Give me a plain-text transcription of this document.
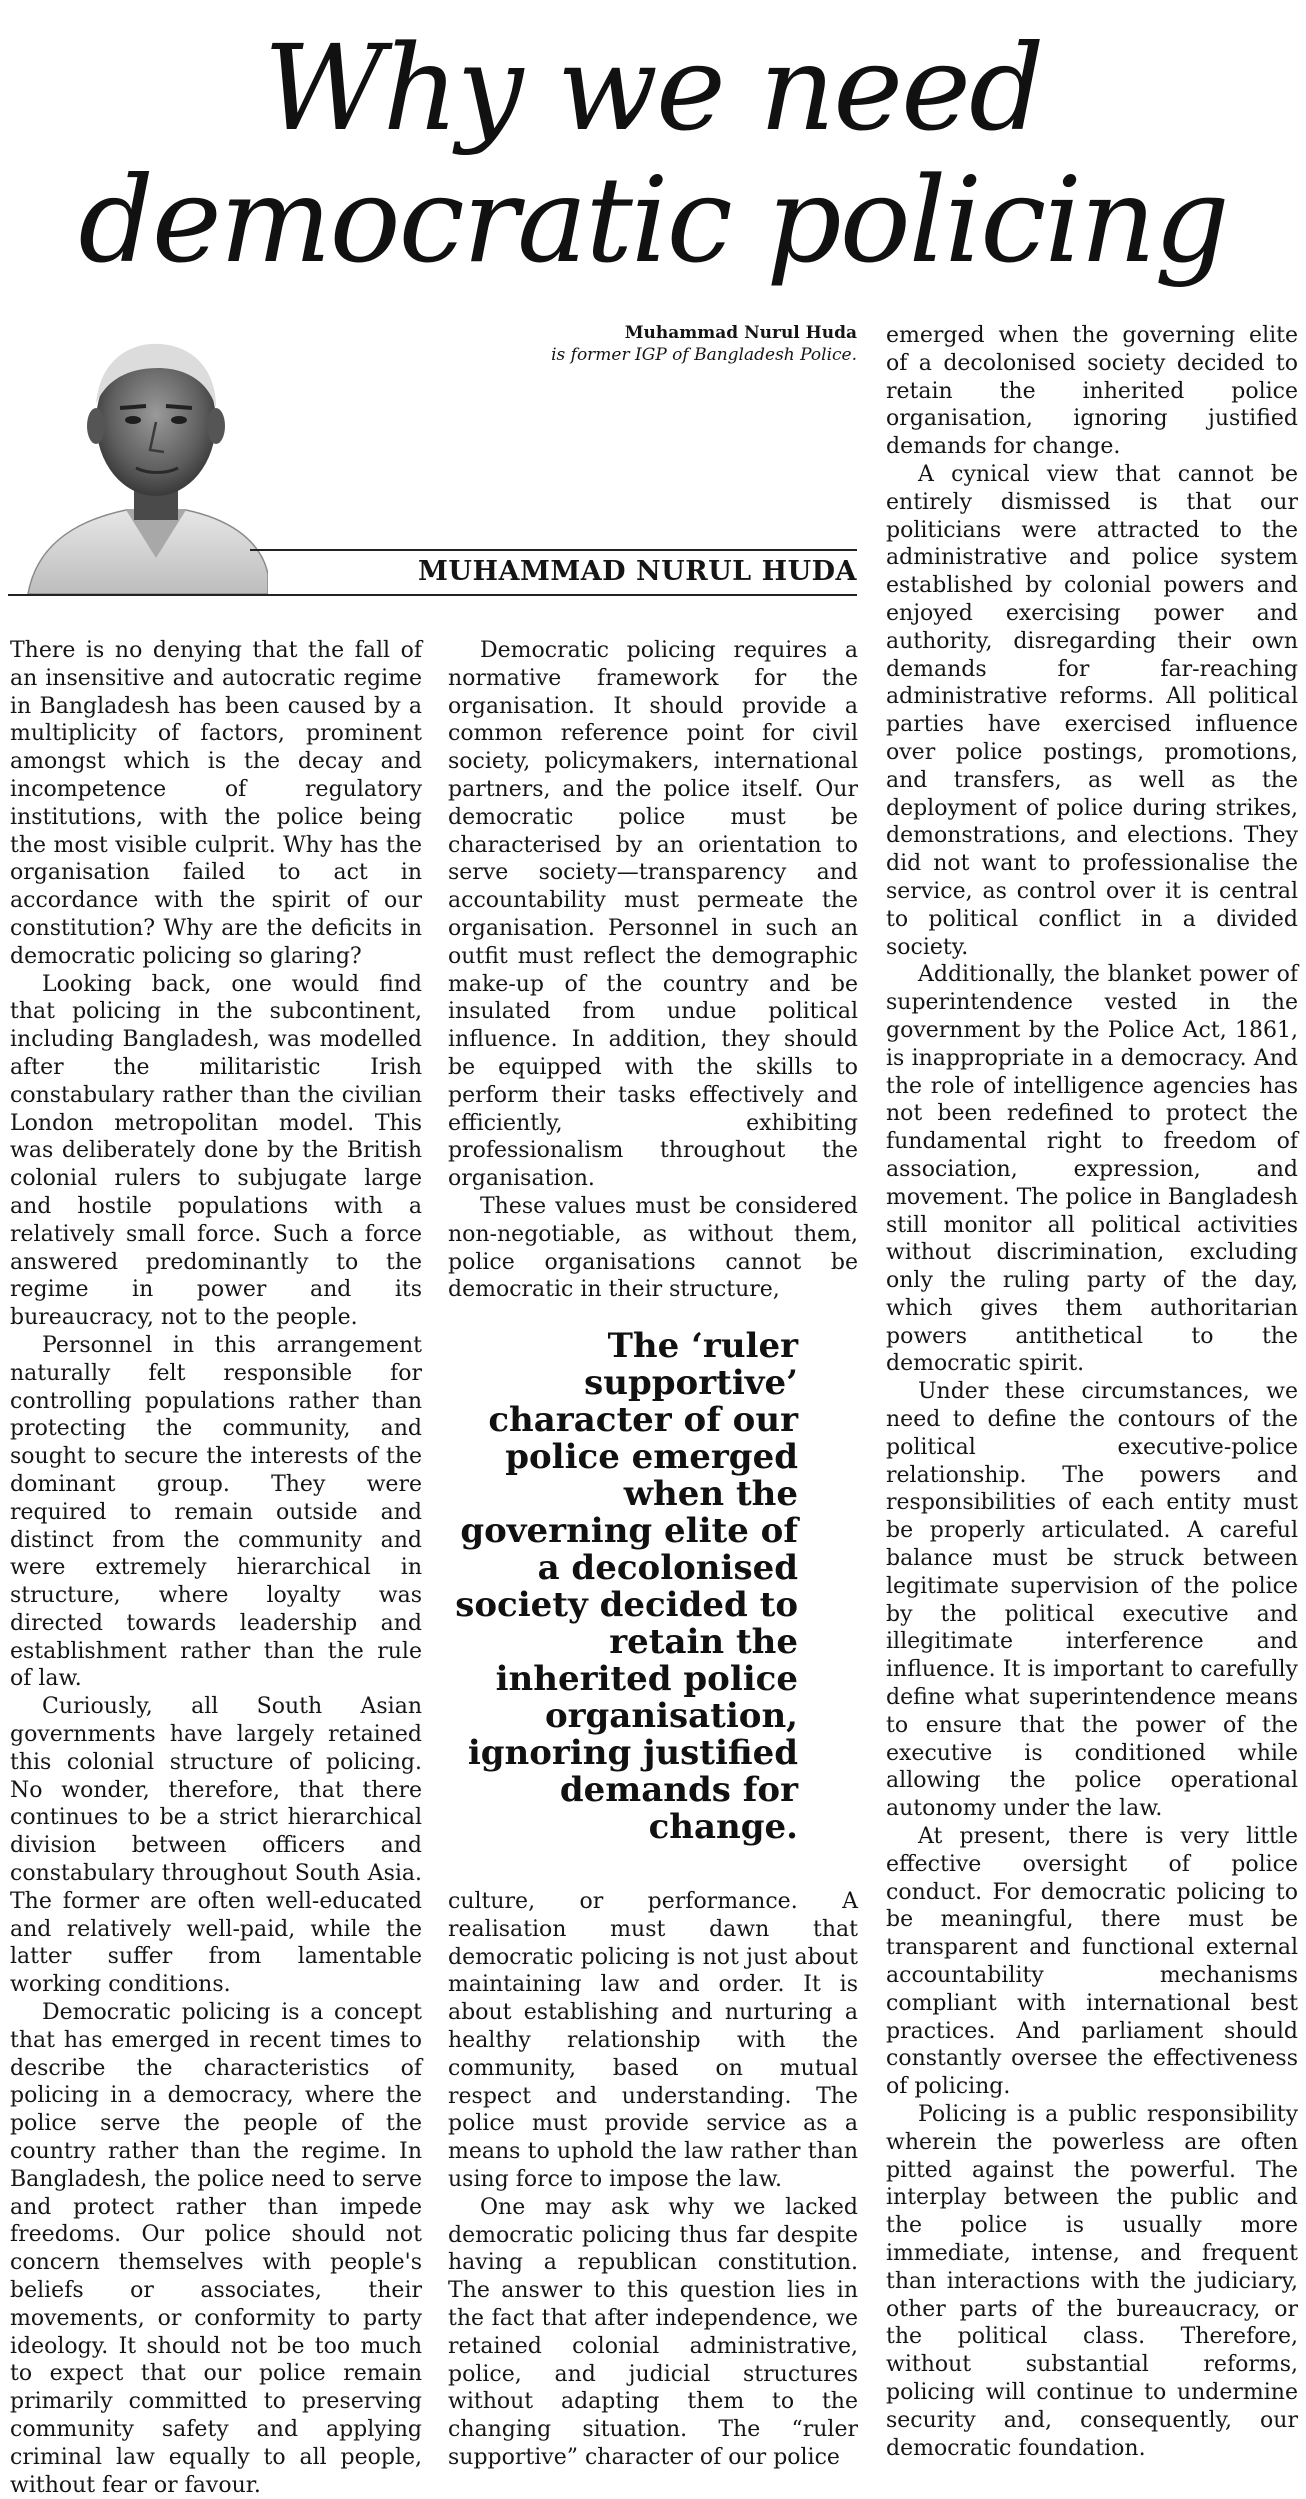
Why we need
democratic policing
Muhammad Nurul Huda
is former IGP of Bangladesh Police.
MUHAMMAD NURUL HUDA

There is no denying that the fall of an insensitive and autocratic regime in Bangladesh has been caused by a multiplicity of factors, prominent amongst which is the decay and incompetence of regulatory institutions, with the police being the most visible culprit. Why has the organisation failed to act in accordance with the spirit of our constitution? Why are the deficits in democratic policing so glaring?

Looking back, one would find that policing in the subcontinent, including Bangladesh, was modelled after the militaristic Irish constabulary rather than the civilian London metropolitan model. This was deliberately done by the British colonial rulers to subjugate large and hostile populations with a relatively small force. Such a force answered predominantly to the regime in power and its bureaucracy, not to the people.

Personnel in this arrangement naturally felt responsible for controlling populations rather than protecting the community, and sought to secure the interests of the dominant group. They were required to remain outside and distinct from the community and were extremely hierarchical in structure, where loyalty was directed towards leadership and establishment rather than the rule of law.

Curiously, all South Asian governments have largely retained this colonial structure of policing. No wonder, therefore, that there continues to be a strict hierarchical division between officers and constabulary throughout South Asia. The former are often well-educated and relatively well-paid, while the latter suffer from lamentable working conditions.

Democratic policing is a concept that has emerged in recent times to describe the characteristics of policing in a democracy, where the police serve the people of the country rather than the regime. In Bangladesh, the police need to serve and protect rather than impede freedoms. Our police should not concern themselves with people's beliefs or associates, their movements, or conformity to party ideology. It should not be too much to expect that our police remain primarily committed to preserving community safety and applying criminal law equally to all people, without fear or favour.

Democratic policing requires a normative framework for the organisation. It should provide a common reference point for civil society, policymakers, international partners, and the police itself. Our democratic police must be characterised by an orientation to serve society—transparency and accountability must permeate the organisation. Personnel in such an outfit must reflect the demographic make-up of the country and be insulated from undue political influence. In addition, they should be equipped with the skills to perform their tasks effectively and efficiently, exhibiting professionalism throughout the organisation.

These values must be considered non-negotiable, as without them, police organisations cannot be democratic in their structure,

The ‘ruler supportive’ character of our police emerged when the governing elite of a decolonised society decided to retain the inherited police organisation, ignoring justified demands for change.

culture, or performance. A realisation must dawn that democratic policing is not just about maintaining law and order. It is about establishing and nurturing a healthy relationship with the community, based on mutual respect and understanding. The police must provide service as a means to uphold the law rather than using force to impose the law.

One may ask why we lacked democratic policing thus far despite having a republican constitution. The answer to this question lies in the fact that after independence, we retained colonial administrative, police, and judicial structures without adapting them to the changing situation. The “ruler supportive” character of our police

emerged when the governing elite of a decolonised society decided to retain the inherited police organisation, ignoring justified demands for change.

A cynical view that cannot be entirely dismissed is that our politicians were attracted to the administrative and police system established by colonial powers and enjoyed exercising power and authority, disregarding their own demands for far-reaching administrative reforms. All political parties have exercised influence over police postings, promotions, and transfers, as well as the deployment of police during strikes, demonstrations, and elections. They did not want to professionalise the service, as control over it is central to political conflict in a divided society.

Additionally, the blanket power of superintendence vested in the government by the Police Act, 1861, is inappropriate in a democracy. And the role of intelligence agencies has not been redefined to protect the fundamental right to freedom of association, expression, and movement. The police in Bangladesh still monitor all political activities without discrimination, excluding only the ruling party of the day, which gives them authoritarian powers antithetical to the democratic spirit.

Under these circumstances, we need to define the contours of the political executive-police relationship. The powers and responsibilities of each entity must be properly articulated. A careful balance must be struck between legitimate supervision of the police by the political executive and illegitimate interference and influence. It is important to carefully define what superintendence means to ensure that the power of the executive is conditioned while allowing the police operational autonomy under the law.

At present, there is very little effective oversight of police conduct. For democratic policing to be meaningful, there must be transparent and functional external accountability mechanisms compliant with international best practices. And parliament should constantly oversee the effectiveness of policing.

Policing is a public responsibility wherein the powerless are often pitted against the powerful. The interplay between the public and the police is usually more immediate, intense, and frequent than interactions with the judiciary, other parts of the bureaucracy, or the political class. Therefore, without substantial reforms, policing will continue to undermine security and, consequently, our democratic foundation.
